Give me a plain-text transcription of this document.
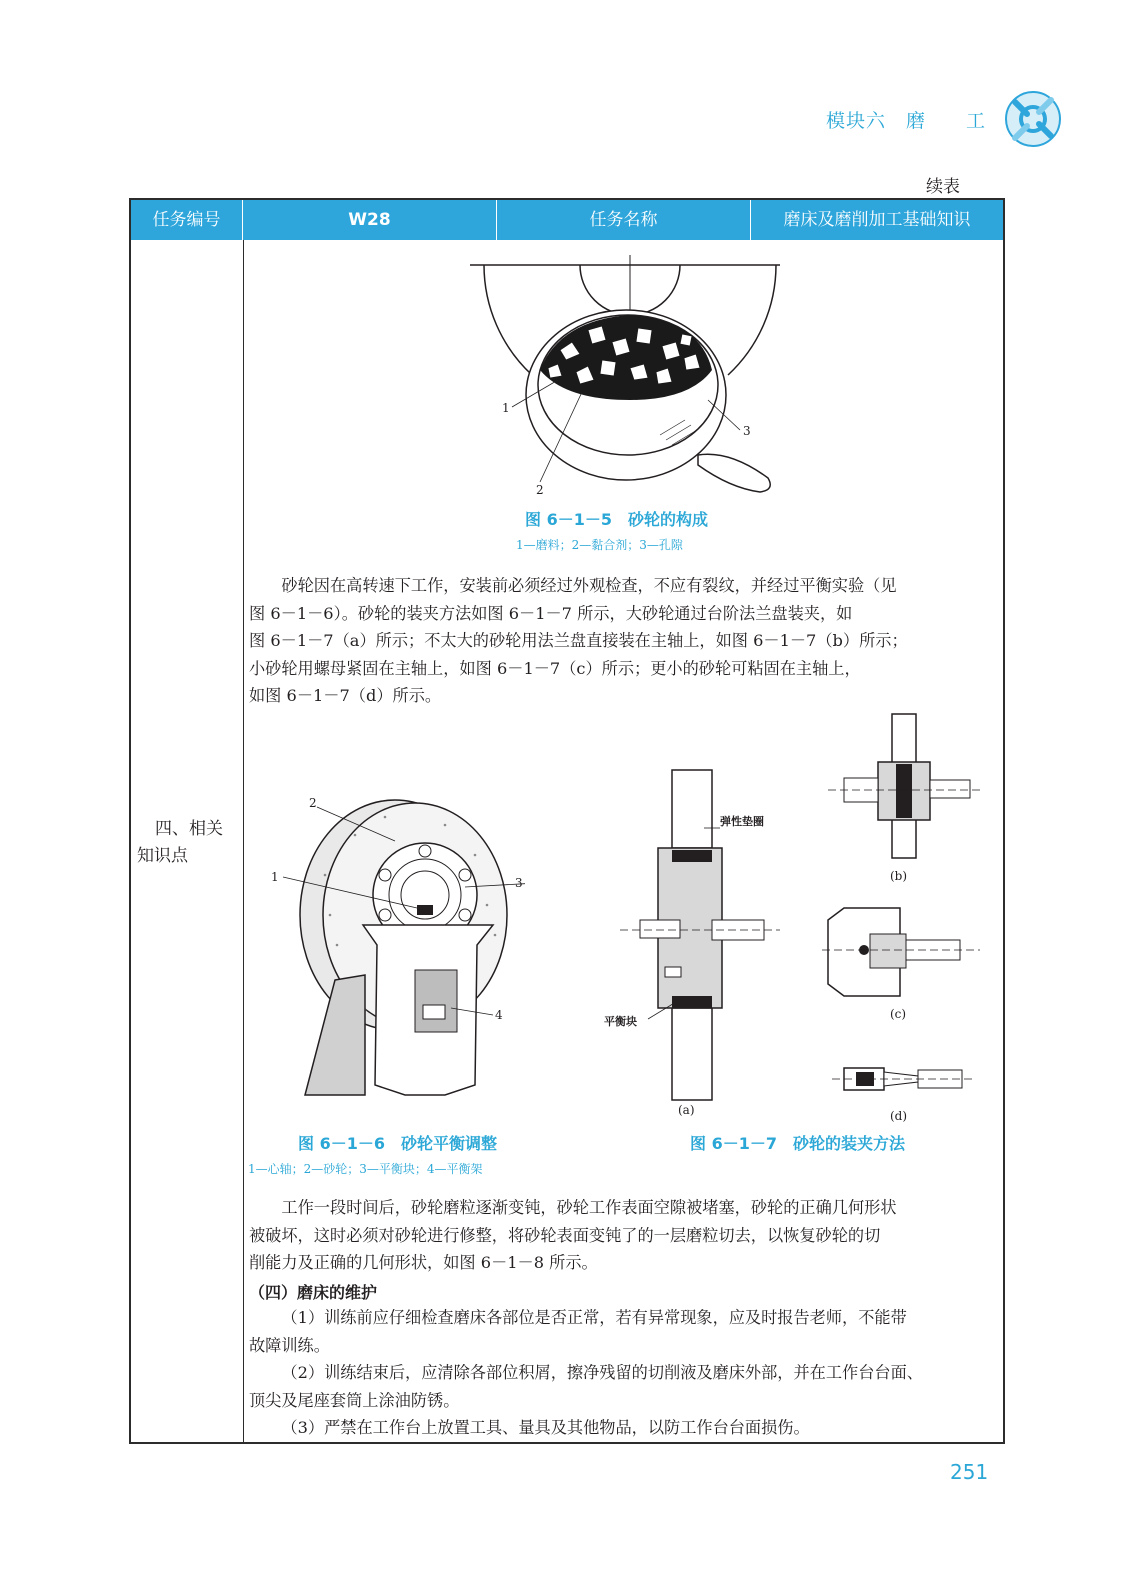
模块六　磨　　工
续表
任务编号	W28	任务名称	磨床及磨削加工基础知识
四、相关
知识点
1
2
3
图 6－1－5　砂轮的构成
1—磨料；2—黏合剂；3—孔隙
砂轮因在高转速下工作，安装前必须经过外观检查，不应有裂纹，并经过平衡实验（见
图 6－1－6）。砂轮的装夹方法如图 6－1－7 所示，大砂轮通过台阶法兰盘装夹，如
图 6－1－7（a）所示；不太大的砂轮用法兰盘直接装在主轴上，如图 6－1－7（b）所示；
小砂轮用螺母紧固在主轴上，如图 6－1－7（c）所示；更小的砂轮可粘固在主轴上，
如图 6－1－7（d）所示。
1
2
3
4
图 6－1－6　砂轮平衡调整
1—心轴；2—砂轮；3—平衡块；4—平衡架
弹性垫圈
平衡块
(a)
(b)
(c)
(d)
图 6－1－7　砂轮的装夹方法
工作一段时间后，砂轮磨粒逐渐变钝，砂轮工作表面空隙被堵塞，砂轮的正确几何形状
被破坏，这时必须对砂轮进行修整，将砂轮表面变钝了的一层磨粒切去，以恢复砂轮的切
削能力及正确的几何形状，如图 6－1－8 所示。
（四）磨床的维护
（1）训练前应仔细检查磨床各部位是否正常，若有异常现象，应及时报告老师，不能带
故障训练。
（2）训练结束后，应清除各部位积屑，擦净残留的切削液及磨床外部，并在工作台台面、
顶尖及尾座套筒上涂油防锈。
（3）严禁在工作台上放置工具、量具及其他物品，以防工作台台面损伤。
251
